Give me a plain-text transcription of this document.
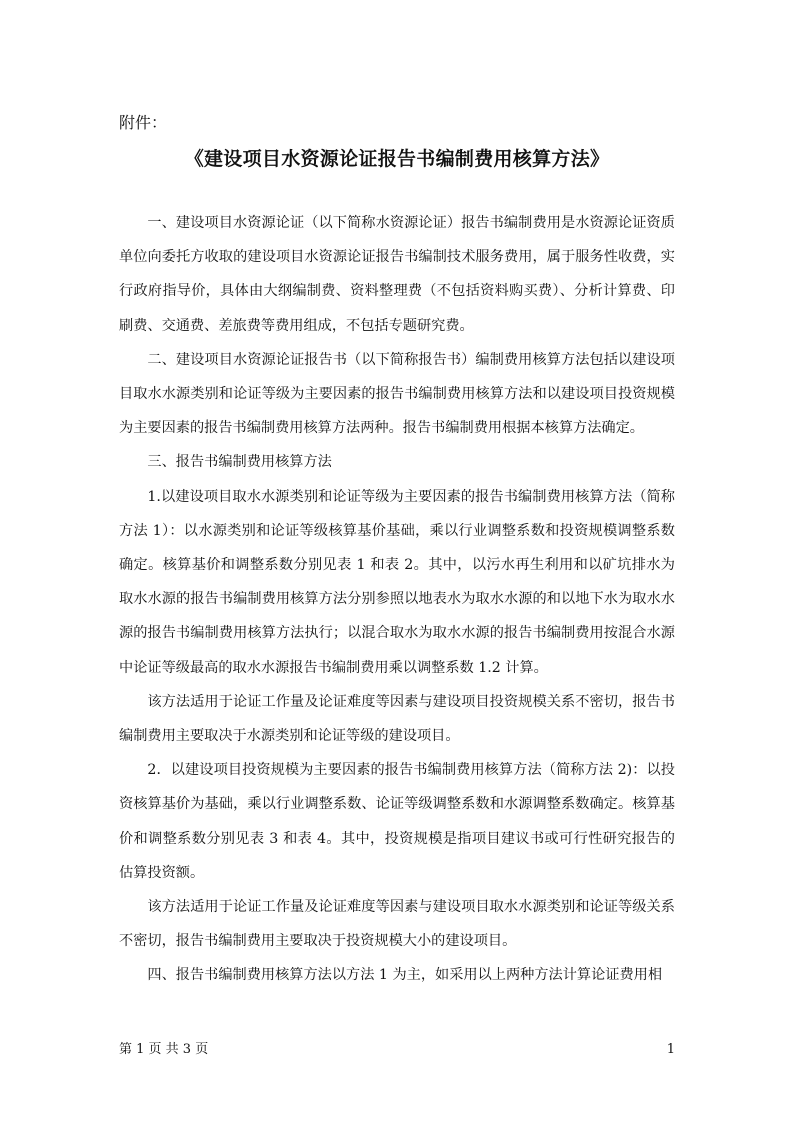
附件：
《建设项目水资源论证报告书编制费用核算方法》

一、建设项目水资源论证（以下简称水资源论证）报告书编制费用是水资源论证资质单位向委托方收取的建设项目水资源论证报告书编制技术服务费用，属于服务性收费，实行政府指导价，具体由大纲编制费、资料整理费（不包括资料购买费）、分析计算费、印刷费、交通费、差旅费等费用组成，不包括专题研究费。

二、建设项目水资源论证报告书（以下简称报告书）编制费用核算方法包括以建设项目取水水源类别和论证等级为主要因素的报告书编制费用核算方法和以建设项目投资规模为主要因素的报告书编制费用核算方法两种。报告书编制费用根据本核算方法确定。

三、报告书编制费用核算方法

1.以建设项目取水水源类别和论证等级为主要因素的报告书编制费用核算方法（简称方法 1）：以水源类别和论证等级核算基价基础，乘以行业调整系数和投资规模调整系数确定。核算基价和调整系数分别见表 1 和表 2。其中，以污水再生利用和以矿坑排水为取水水源的报告书编制费用核算方法分别参照以地表水为取水水源的和以地下水为取水水源的报告书编制费用核算方法执行；以混合取水为取水水源的报告书编制费用按混合水源中论证等级最高的取水水源报告书编制费用乘以调整系数 1.2 计算。

该方法适用于论证工作量及论证难度等因素与建设项目投资规模关系不密切，报告书编制费用主要取决于水源类别和论证等级的建设项目。

2．以建设项目投资规模为主要因素的报告书编制费用核算方法（简称方法 2)：以投资核算基价为基础，乘以行业调整系数、论证等级调整系数和水源调整系数确定。核算基价和调整系数分别见表 3 和表 4。其中，投资规模是指项目建议书或可行性研究报告的估算投资额。

该方法适用于论证工作量及论证难度等因素与建设项目取水水源类别和论证等级关系不密切，报告书编制费用主要取决于投资规模大小的建设项目。

四、报告书编制费用核算方法以方法 1 为主，如采用以上两种方法计算论证费用相

第 1 页 共 3 页	1
